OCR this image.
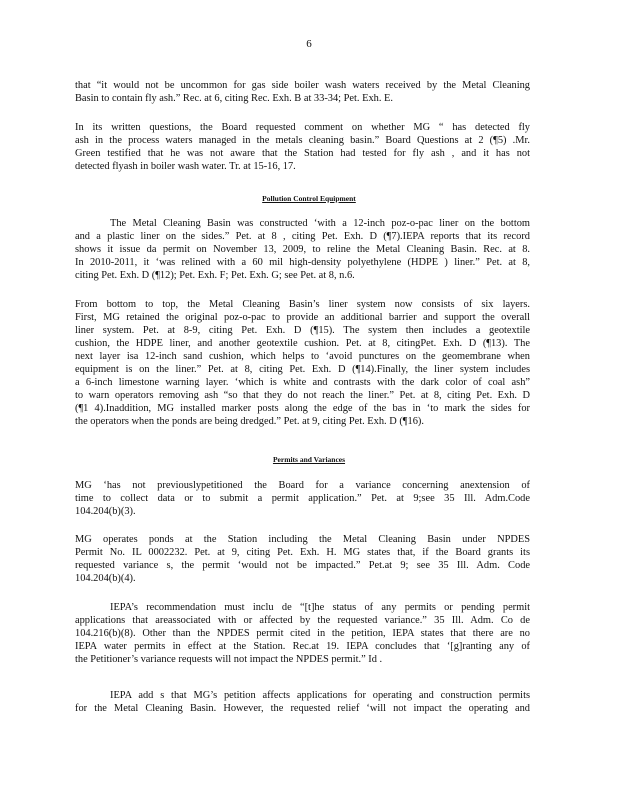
6
that “it would not be uncommon for gas side boiler wash waters received by the Metal Cleaning
Basin to contain fly ash.” Rec. at 6, citing Rec. Exh. B at 33-34; Pet. Exh. E.
In its written questions, the Board requested comment on whether MG “ has detected fly
ash in the process waters managed in the metals cleaning basin.” Board Questions at 2 (¶5) .Mr.
Green testified that he was not aware that the Station had tested for fly ash , and it has not
detected flyash in boiler wash water. Tr. at 15-16, 17.
Pollution Control Equipment
The Metal Cleaning Basin was constructed ‘with a 12-inch poz-o-pac liner on the bottom
and a plastic liner on the sides.” Pet. at 8 , citing Pet. Exh. D (¶7).IEPA reports that its record
shows it issue da permit on November 13, 2009, to reline the Metal Cleaning Basin. Rec. at 8.
In 2010-2011, it ‘was relined with a 60 mil high-density polyethylene (HDPE ) liner.” Pet. at 8,
citing Pet. Exh. D (¶12); Pet. Exh. F; Pet. Exh. G; see Pet. at 8, n.6.
From bottom to top, the Metal Cleaning Basin’s liner system now consists of six layers.
First, MG retained the original poz-o-pac to provide an additional barrier and support the overall
liner system. Pet. at 8-9, citing Pet. Exh. D (¶15). The system then includes a geotextile
cushion, the HDPE liner, and another geotextile cushion. Pet. at 8, citingPet. Exh. D (¶13). The
next layer isa 12-inch sand cushion, which helps to ‘avoid punctures on the geomembrane when
equipment is on the liner.” Pet. at 8, citing Pet. Exh. D (¶14).Finally, the liner system includes
a 6-inch limestone warning layer. ‘which is white and contrasts with the dark color of coal ash”
to warn operators removing ash “so that they do not reach the liner.” Pet. at 8, citing Pet. Exh. D
(¶1 4).Inaddition, MG installed marker posts along the edge of the bas in ‘to mark the sides for
the operators when the ponds are being dredged.” Pet. at 9, citing Pet. Exh. D (¶16).
Permits and Variances
MG ‘has not previouslypetitioned the Board for a variance concerning anextension of
time to collect data or to submit a permit application.” Pet. at 9;see 35 Ill. Adm.Code
104.204(b)(3).
MG operates ponds at the Station including the Metal Cleaning Basin under NPDES
Permit No. IL 0002232. Pet. at 9, citing Pet. Exh. H. MG states that, if the Board grants its
requested variance s, the permit ‘would not be impacted.” Pet.at 9; see 35 Ill. Adm. Code
104.204(b)(4).
IEPA’s recommendation must inclu de “[t]he status of any permits or pending permit
applications that areassociated with or affected by the requested variance.” 35 Ill. Adm. Co de
104.216(b)(8). Other than the NPDES permit cited in the petition, IEPA states that there are no
IEPA water permits in effect at the Station. Rec.at 19. IEPA concludes that ‘[g]ranting any of
the Petitioner’s variance requests will not impact the NPDES permit.” Id .
IEPA add s that MG’s petition affects applications for operating and construction permits
for the Metal Cleaning Basin. However, the requested relief ‘will not impact the operating and
